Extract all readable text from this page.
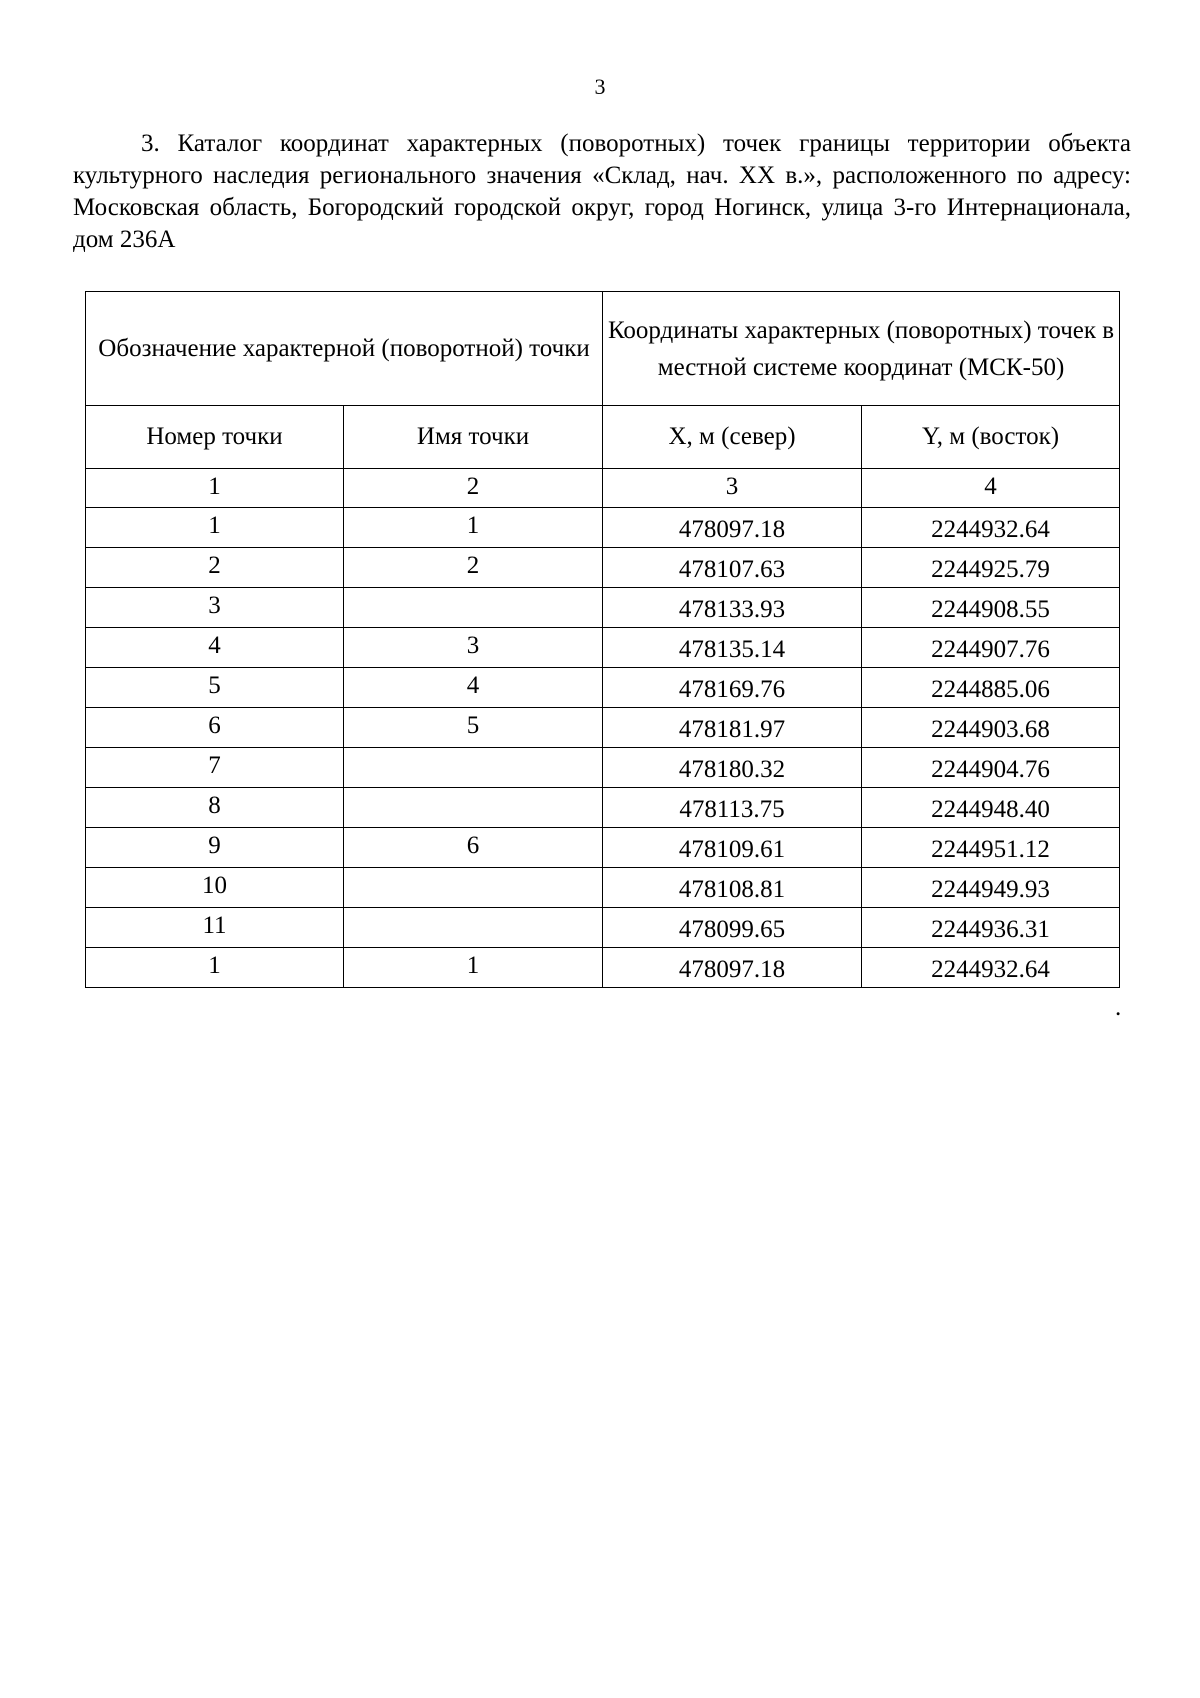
3

3. Каталог координат характерных (поворотных) точек границы территории объекта культурного наследия регионального значения «Склад, нач. XX в.», расположенного по адресу: Московская область, Богородский городской округ, город Ногинск, улица 3-го Интернационала, дом 236А

Обозначение характерной (поворотной) точки		Координаты характерных (поворотных) точек в местной системе координат (МСК-50)	
Номер точки	Имя точки	X, м (север)	Y, м (восток)
1	2	3	4
1	1	478097.18	2244932.64
2	2	478107.63	2244925.79
3		478133.93	2244908.55
4	3	478135.14	2244907.76
5	4	478169.76	2244885.06
6	5	478181.97	2244903.68
7		478180.32	2244904.76
8		478113.75	2244948.40
9	6	478109.61	2244951.12
10		478108.81	2244949.93
11		478099.65	2244936.31
1	1	478097.18	2244932.64
.
